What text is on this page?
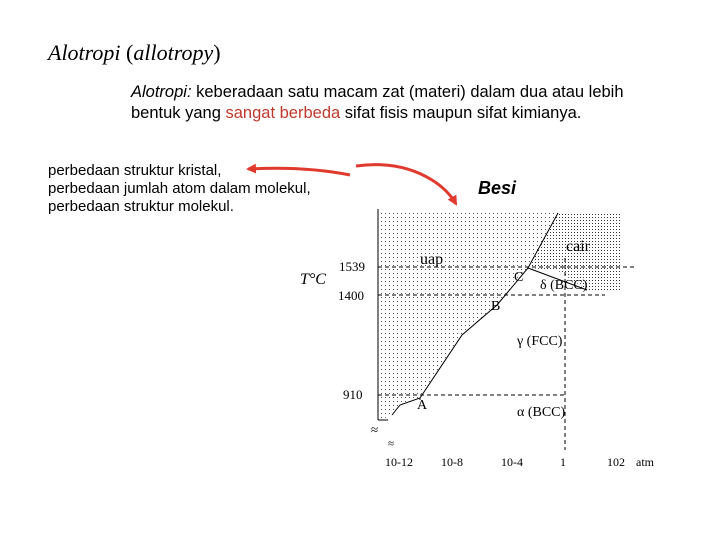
Alotropi (allotropy)
Alotropi: keberadaan satu macam zat (materi) dalam dua atau lebih bentuk yang sangat berbeda sifat fisis maupun sifat kimianya.
perbedaan struktur kristal,
perbedaan jumlah atom dalam molekul,
perbedaan struktur molekul.
≈
≈
uap
cair
δ (BCC)
γ (FCC)
α (BCC)
A
B
C
T°C
1539
1400
910
10-12 10-8	10-4	1	102 atm
Besi
